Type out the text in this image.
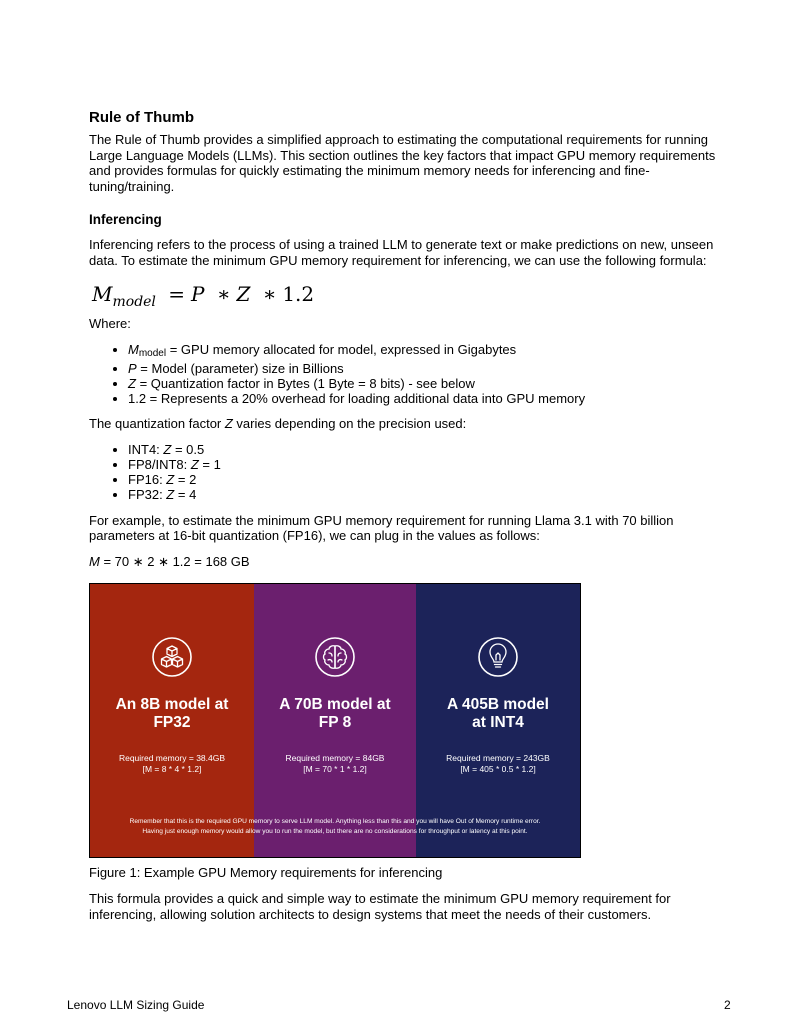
Rule of Thumb

The Rule of Thumb provides a simplified approach to estimating the computational requirements for running Large Language Models (LLMs). This section outlines the key factors that impact GPU memory requirements and provides formulas for quickly estimating the minimum memory needs for inferencing and fine-tuning/training.

Inferencing

Inferencing refers to the process of using a trained LLM to generate text or make predictions on new, unseen data. To estimate the minimum GPU memory requirement for inferencing, we can use the following formula:

$M_{model} = P$ ∗ Z ∗ 1.2

Where:

• $M_{model}$ = GPU memory allocated for model, expressed in Gigabytes
• P = Model (parameter) size in Billions
• Z = Quantization factor in Bytes (1 Byte = 8 bits) - see below
• 1.2 = Represents a 20% overhead for loading additional data into GPU memory

The quantization factor Z varies depending on the precision used:

• INT4: Z = 0.5
• FP8/INT8: Z = 1
• FP16: Z = 2
• FP32: Z = 4

For example, to estimate the minimum GPU memory requirement for running Llama 3.1 with 70 billion parameters at 16-bit quantization (FP16), we can plug in the values as follows:

M = 70 ∗ 2 ∗ 1.2 = 168 GB

An 8B model at
FP32
Required memory = 38.4GB
[M = 8 * 4 * 1.2]
A 70B model at
FP 8
Required memory = 84GB
[M = 70 * 1 * 1.2]
A 405B model
at INT4
Required memory = 243GB
[M = 405 * 0.5 * 1.2]
Remember that this is the required GPU memory to serve LLM model. Anything less than this and you will have Out of Memory runtime error.
Having just enough memory would allow you to run the model, but there are no considerations for throughput or latency at this point.

Figure 1: Example GPU Memory requirements for inferencing

This formula provides a quick and simple way to estimate the minimum GPU memory requirement for inferencing, allowing solution architects to design systems that meet the needs of their customers.

Lenovo LLM Sizing Guide	2
